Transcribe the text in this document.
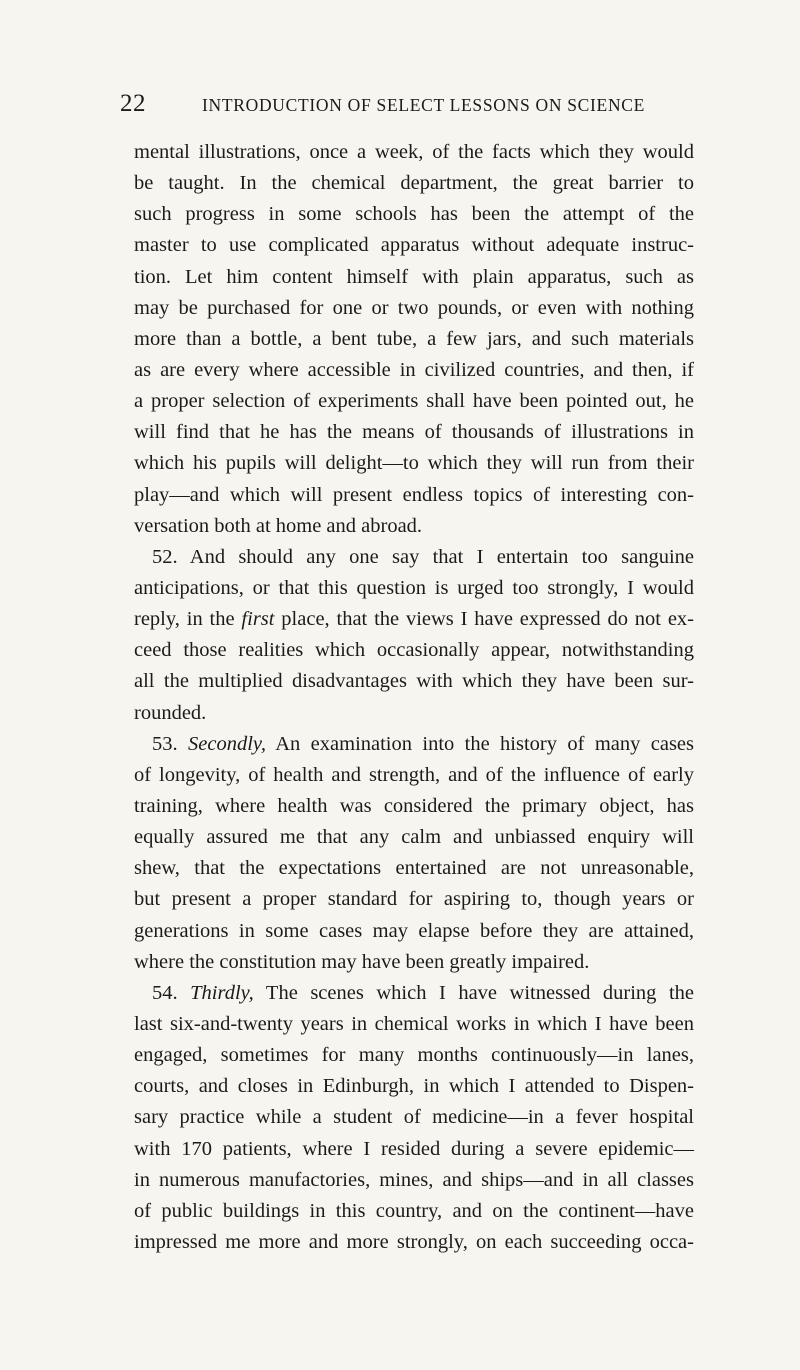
22	INTRODUCTION OF SELECT LESSONS ON SCIENCE
mental illustrations, once a week, of the facts which they would
be taught. In the chemical department, the great barrier to
such progress in some schools has been the attempt of the
master to use complicated apparatus without adequate instruc-
tion. Let him content himself with plain apparatus, such as
may be purchased for one or two pounds, or even with nothing
more than a bottle, a bent tube, a few jars, and such materials
as are every where accessible in civilized countries, and then, if
a proper selection of experiments shall have been pointed out, he
will find that he has the means of thousands of illustrations in
which his pupils will delight—to which they will run from their
play—and which will present endless topics of interesting con-
versation both at home and abroad.
52. And should any one say that I entertain too sanguine
anticipations, or that this question is urged too strongly, I would
reply, in the first place, that the views I have expressed do not ex-
ceed those realities which occasionally appear, notwithstanding
all the multiplied disadvantages with which they have been sur-
rounded.
53. Secondly, An examination into the history of many cases
of longevity, of health and strength, and of the influence of early
training, where health was considered the primary object, has
equally assured me that any calm and unbiassed enquiry will
shew, that the expectations entertained are not unreasonable,
but present a proper standard for aspiring to, though years or
generations in some cases may elapse before they are attained,
where the constitution may have been greatly impaired.
54. Thirdly, The scenes which I have witnessed during the
last six-and-twenty years in chemical works in which I have been
engaged, sometimes for many months continuously—in lanes,
courts, and closes in Edinburgh, in which I attended to Dispen-
sary practice while a student of medicine—in a fever hospital
with 170 patients, where I resided during a severe epidemic—
in numerous manufactories, mines, and ships—and in all classes
of public buildings in this country, and on the continent—have
impressed me more and more strongly, on each succeeding occa-
